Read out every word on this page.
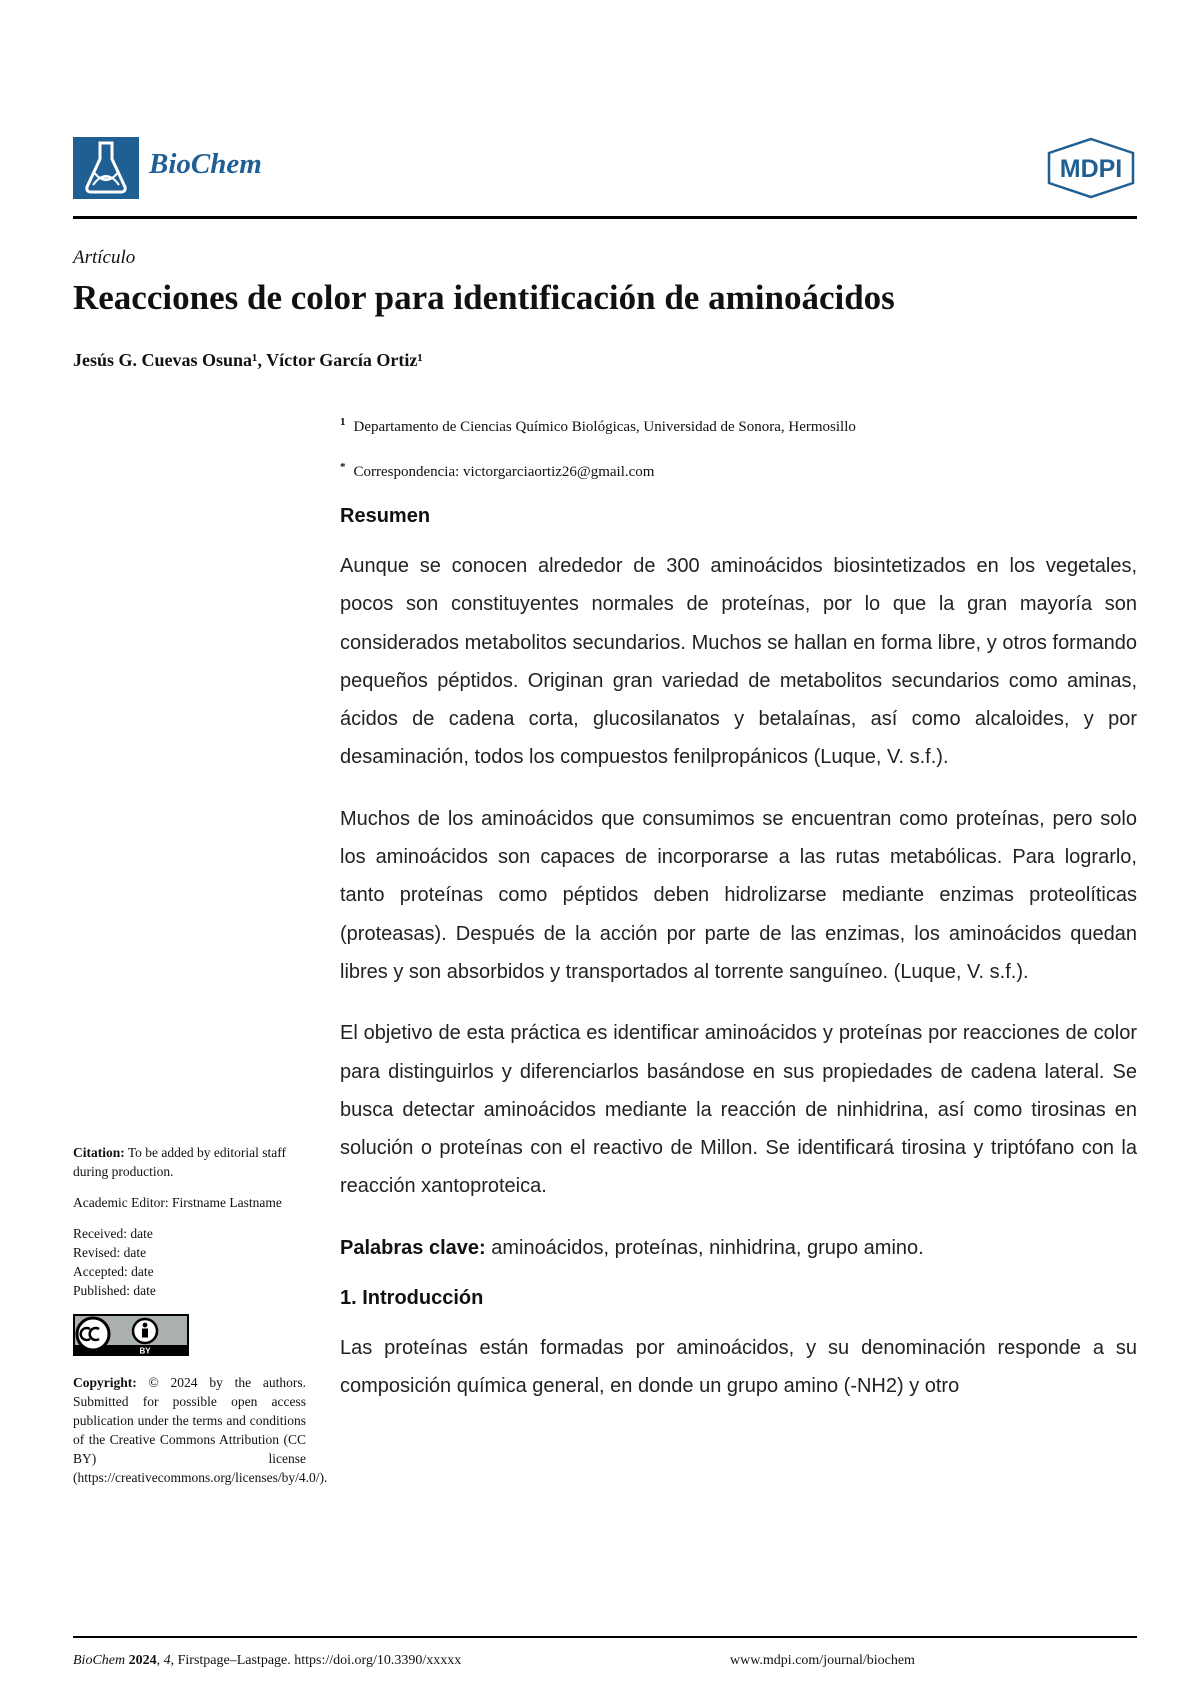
BioChem	MDPI
Artículo
Reacciones de color para identificación de aminoácidos
Jesús G. Cuevas Osuna¹, Víctor García Ortiz¹
$^1$ Departamento de Ciencias Químico Biológicas, Universidad de Sonora, Hermosillo
* Correspondencia: victorgarciaortiz26@gmail.com
Resumen

Aunque se conocen alrededor de 300 aminoácidos biosintetizados en los vegetales, pocos son constituyentes normales de proteínas, por lo que la gran mayoría son considerados metabolitos secundarios. Muchos se hallan en forma libre, y otros formando pequeños péptidos. Originan gran variedad de metabolitos secundarios como aminas, ácidos de cadena corta, glucosilanatos y betalaínas, así como alcaloides, y por desaminación, todos los compuestos fenilpropánicos (Luque, V. s.f.).

Muchos de los aminoácidos que consumimos se encuentran como proteínas, pero solo los aminoácidos son capaces de incorporarse a las rutas metabólicas. Para lograrlo, tanto proteínas como péptidos deben hidrolizarse mediante enzimas proteolíticas (proteasas). Después de la acción por parte de las enzimas, los aminoácidos quedan libres y son absorbidos y transportados al torrente sanguíneo. (Luque, V. s.f.).

El objetivo de esta práctica es identificar aminoácidos y proteínas por reacciones de color para distinguirlos y diferenciarlos basándose en sus propiedades de cadena lateral. Se busca detectar aminoácidos mediante la reacción de ninhidrina, así como tirosinas en solución o proteínas con el reactivo de Millon. Se identificará tirosina y triptófano con la reacción xantoproteica.

Palabras clave: aminoácidos, proteínas, ninhidrina, grupo amino.

1. Introducción

Las proteínas están formadas por aminoácidos, y su denominación responde a su composición química general, en donde un grupo amino (-NH2) y otro

Citation: To be added by editorial staff during production.

Academic Editor: Firstname Lastname

Received: date
Revised: date
Accepted: date
Published: date
BY

Copyright: © 2024 by the authors. Submitted for possible open access publication under the terms and conditions of the Creative Commons Attribution (CC BY) license (https://creativecommons.org/licenses/by/4.0/).

BioChem 2024, 4, Firstpage–Lastpage. https://doi.org/10.3390/xxxxx	www.mdpi.com/journal/biochem
